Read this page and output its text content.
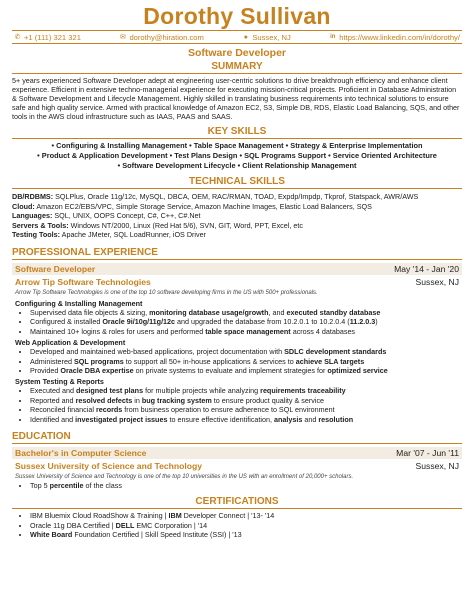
Dorothy Sullivan
✆ +1 (111) 321 321	✉ dorothy@hiration.com	● Sussex, NJ	in https://www.linkedin.com/in/dorothy/
Software Developer
SUMMARY
5+ years experienced Software Developer adept at engineering user-centric solutions to drive breakthrough efficiency and enhance client experience. Efficient in extensive techno-managerial experience for executing mission-critical projects. Proficient in Database Administration & Software Development and Lifecycle Management. Highly skilled in translating business requirements into technical solutions to ensure safe and high quality service. Armed with practical knowledge of Amazon EC2, S3, Simple DB, RDS, Elastic Load Balancing, SQS, and other tools in the AWS cloud infrastructure such as IAAS, PAAS and SAAS.
KEY SKILLS
• Configuring & Installing Management • Table Space Management • Strategy & Enterprise Implementation
• Product & Application Development • Test Plans Design • SQL Programs Support • Service Oriented Architecture
• Software Development Lifecycle • Client Relationship Management
TECHNICAL SKILLS
DB/RDBMS: SQLPlus, Oracle 11g/12c, MySQL, DBCA, OEM, RAC/RMAN, TOAD, Expdp/Impdp, Tkprof, Statspack, AWR/AWS
Cloud: Amazon EC2/EBS/VPC, Simple Storage Service, Amazon Machine Images, Elastic Load Balancers, SQS
Languages: SQL, UNIX, OOPS Concept, C#, C++, C#.Net
Servers & Tools: Windows NT/2000, Linux (Red Hat 5/6), SVN, GIT, Word, PPT, Excel, etc
Testing Tools: Apache JMeter, SQL LoadRunner, iOS Driver
PROFESSIONAL EXPERIENCE
Software Developer	May '14 - Jan '20
Arrow Tip Software Technologies	Sussex, NJ
Arrow Tip Software Technologies is one of the top 10 software developing firms in the US with 500+ professionals.
Configuring & Installing Management
• Supervised data file objects & sizing, monitoring database usage/growth, and executed standby database
• Configured & installed Oracle 9i/10g/11g/12c and upgraded the database from 10.2.0.1 to 10.2.0.4 (11.2.0.3)
• Maintained 10+ logins & roles for users and performed table space management across 4 databases
Web Application & Development
• Developed and maintained web-based applications, project documentation with SDLC development standards
• Administered SQL programs to support all 50+ in-house applications & services to achieve SLA targets
• Provided Oracle DBA expertise on private systems to evaluate and implement strategies for optimized service
System Testing & Reports
• Executed and designed test plans for multiple projects while analyzing requirements traceability
• Reported and resolved defects in bug tracking system to ensure product quality & service
• Reconciled financial records from business operation to ensure adherence to SQL environment
• Identified and investigated project issues to ensure effective identification, analysis and resolution
EDUCATION
Bachelor's in Computer Science	Mar '07 - Jun '11
Sussex University of Science and Technology	Sussex, NJ
Sussex University of Science and Technology is one of the top 10 universities in the US with an enrollment of 20,000+ scholars.
• Top 5 percentile of the class
CERTIFICATIONS
• IBM Bluemix Cloud RoadShow & Training | IBM Developer Connect | '13- '14
• Oracle 11g DBA Certified | DELL EMC Corporation | '14
• White Board Foundation Certified | Skill Speed Institute (SSI) | '13
